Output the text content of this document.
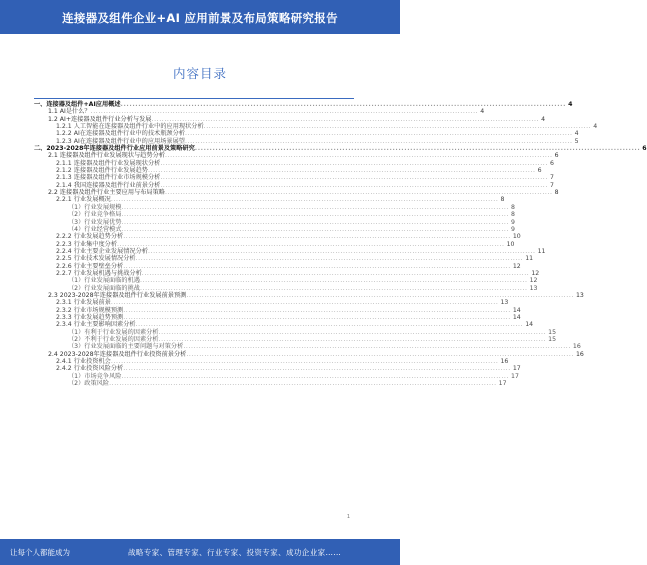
连接器及组件企业+AI 应用前景及布局策略研究报告
内容目录
一、连接器及组件+AI应用概述 .....	4
1.1 AI是什么？ .....	4
1.2 AI+连接器及组件行业分析与发展 .....	4
1.2.1 人工智能在连接器及组件行业中的应用现状分析 .....	4
1.2.2 AI在连接器及组件行业中的技术瓶颈分析 .....	4
1.2.3 AI在连接器及组件行业中的应用场景展望 .....	5
二、2023-2028年连接器及组件行业应用前景及策略研究 .....	6
2.1 连接器及组件行业发展现状与趋势分析 .....	6
2.1.1 连接器及组件行业发展现状分析 .....	6
2.1.2 连接器及组件行业发展趋势 .....	6
2.1.3 连接器及组件行业市场规模分析 .....	7
2.1.4 我国连接器及组件行业前景分析 .....	7
2.2 连接器及组件行业主要应用与布局策略 .....	8
2.2.1 行业发展概况 .....	8
（1）行业发展规模 .....	8
（2）行业竞争格局 .....	8
（3）行业发展优势 .....	9
（4）行业经营模式 .....	9
2.2.2 行业发展趋势分析 .....	10
2.2.3 行业集中度分析 .....	10
2.2.4 行业主要企业发展情况分析 .....	11
2.2.5 行业技术发展情况分析 .....	11
2.2.6 行业主要壁垒分析 .....	12
2.2.7 行业发展机遇与挑战分析 .....	12
（1）行业发展面临的机遇 .....	12
（2）行业发展面临的挑战 .....	13
2.3 2023-2028年连接器及组件行业发展前景预测 .....	13
2.3.1 行业发展前景 .....	13
2.3.2 行业市场规模预测 .....	14
2.3.3 行业发展趋势预测 .....	14
2.3.4 行业主要影响因素分析 .....	14
（1）有利于行业发展的因素分析 .....	15
（2）不利于行业发展的因素分析 .....	15
（3）行业发展面临的主要问题与对策分析 .....	16
2.4 2023-2028年连接器及组件行业投资前景分析 .....	16
2.4.1 行业投资机会 .....	16
2.4.2 行业投资风险分析 .....	17
（1）市场竞争风险 .....	17
（2）政策风险 .....	17
1
让每个人都能成为	战略专家、管理专家、行业专家、投资专家、成功企业家……
